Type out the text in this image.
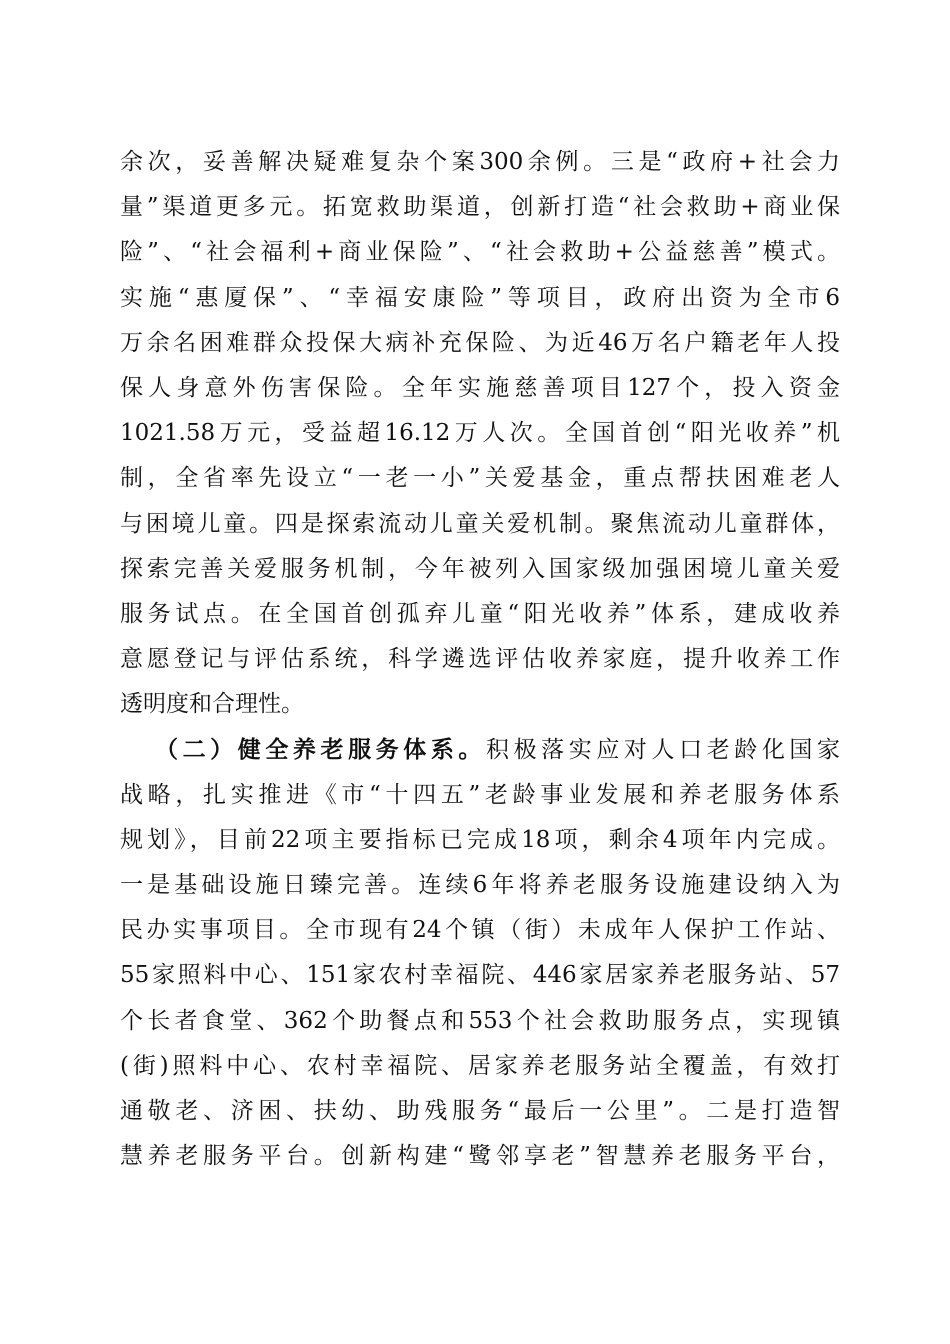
余次，妥善解决疑难复杂个案300余例。三是“政府+社会力
量”渠道更多元。拓宽救助渠道，创新打造“社会救助+商业保
险”、“社会福利+商业保险”、“社会救助+公益慈善”模式。
实施“惠厦保”、“幸福安康险”等项目，政府出资为全市6
万余名困难群众投保大病补充保险、为近46万名户籍老年人投
保人身意外伤害保险。全年实施慈善项目127个，投入资金
1021.58万元，受益超16.12万人次。全国首创“阳光收养”机
制，全省率先设立“一老一小”关爱基金，重点帮扶困难老人
与困境儿童。四是探索流动儿童关爱机制。聚焦流动儿童群体，
探索完善关爱服务机制，今年被列入国家级加强困境儿童关爱
服务试点。在全国首创孤弃儿童“阳光收养”体系，建成收养
意愿登记与评估系统，科学遴选评估收养家庭，提升收养工作
透明度和合理性。
（二）健全养老服务体系。积极落实应对人口老龄化国家
战略，扎实推进《市“十四五”老龄事业发展和养老服务体系
规划》，目前22项主要指标已完成18项，剩余4项年内完成。
一是基础设施日臻完善。连续6年将养老服务设施建设纳入为
民办实事项目。全市现有24个镇（街）未成年人保护工作站、
55家照料中心、151家农村幸福院、446家居家养老服务站、57
个长者食堂、362个助餐点和553个社会救助服务点，实现镇
(街)照料中心、农村幸福院、居家养老服务站全覆盖，有效打
通敬老、济困、扶幼、助残服务“最后一公里”。二是打造智
慧养老服务平台。创新构建“鹭邻享老”智慧养老服务平台，
